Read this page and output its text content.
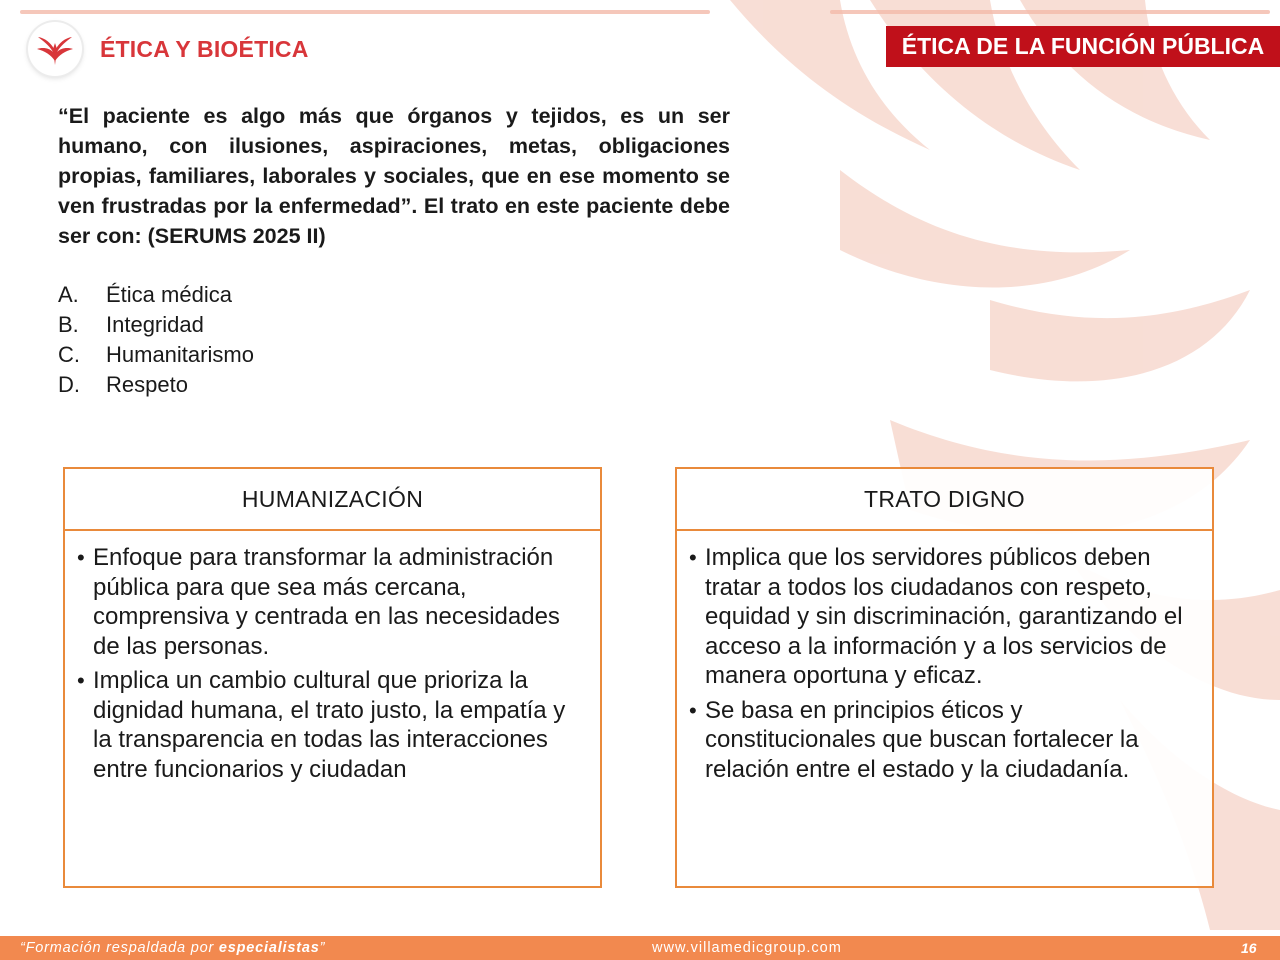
ÉTICA Y BIOÉTICA	ÉTICA DE LA FUNCIÓN PÚBLICA

“El paciente es algo más que órganos y tejidos, es un ser humano, con ilusiones, aspiraciones, metas, obligaciones propias, familiares, laborales y sociales, que en ese momento se ven frustradas por la enfermedad”. El trato en este paciente debe ser con: (SERUMS 2025 II)

A.	Ética médica
B.	Integridad
C.	Humanitarismo
D.	Respeto
HUMANIZACIÓN
• Enfoque para transformar la administración pública para que sea más cercana, comprensiva y centrada en las necesidades de las personas.
• Implica un cambio cultural que prioriza la dignidad humana, el trato justo, la empatía y la transparencia en todas las interacciones entre funcionarios y ciudadan
TRATO DIGNO
• Implica que los servidores públicos deben tratar a todos los ciudadanos con respeto, equidad y sin discriminación, garantizando el acceso a la información y a los servicios de manera oportuna y eficaz.
• Se basa en principios éticos y constitucionales que buscan fortalecer la relación entre el estado y la ciudadanía.
“Formación respaldada por especialistas”	www.villamedicgroup.com	16
